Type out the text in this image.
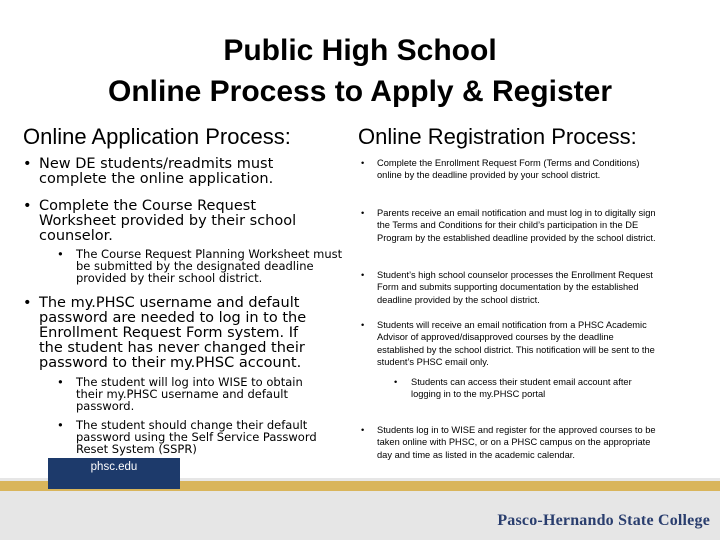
Public High School
Online Process to Apply & Register
Online Application Process:	Online Registration Process:
• New DE students/readmits must complete the online application.
• Complete the Course Request Worksheet provided by their school counselor.
•	The Course Request Planning Worksheet must be submitted by the designated deadline provided by their school district.
• The my.PHSC username and default password are needed to log in to the Enrollment Request Form system. If the student has never changed their password to their my.PHSC account.
•	The student will log into WISE to obtain their my.PHSC username and default password.
•	The student should change their default password using the Self Service Password Reset System (SSPR)
•	Complete the Enrollment Request Form (Terms and Conditions) online by the deadline provided by your school district.
•	Parents receive an email notification and must log in to digitally sign the Terms and Conditions for their child’s participation in the DE Program by the established deadline provided by the school district.
•	Student’s high school counselor processes the Enrollment Request Form and submits supporting documentation by the established deadline provided by the school district.
•	Students will receive an email notification from a PHSC Academic Advisor of approved/disapproved courses by the deadline established by the school district. This notification will be sent to the student’s PHSC email only.
•	Students can access their student email account after logging in to the my.PHSC portal
•	Students log in to WISE and register for the approved courses to be taken online with PHSC, or on a PHSC campus on the appropriate day and time as listed in the academic calendar.
phsc.edu
Pasco-Hernando State College
